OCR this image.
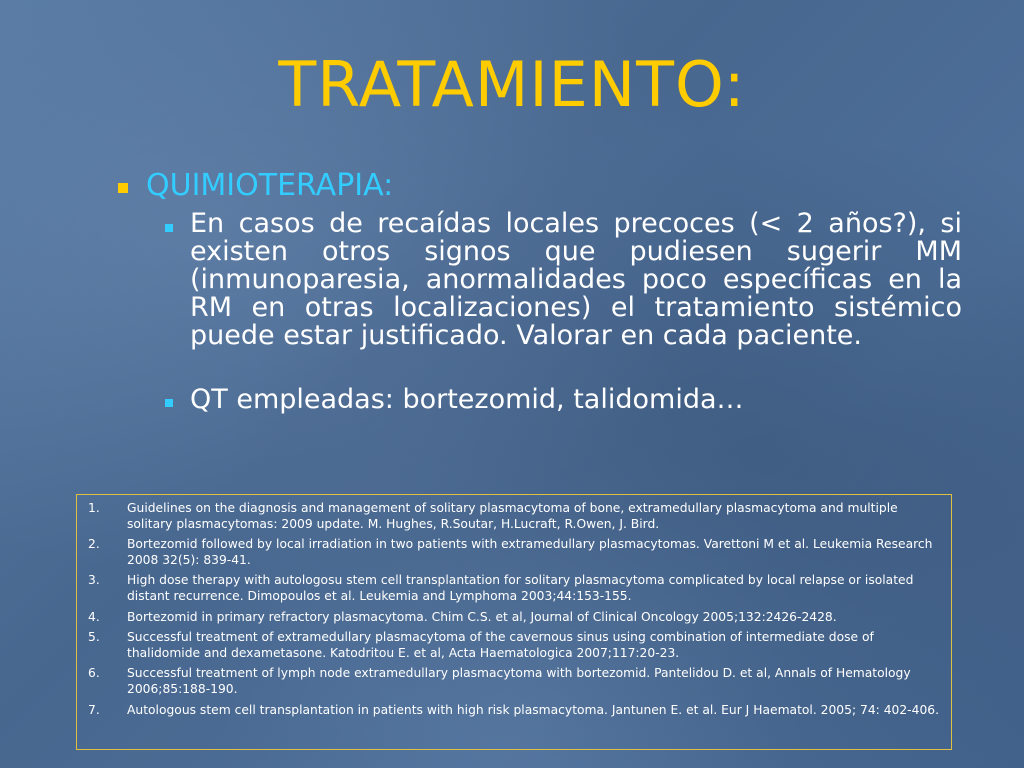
TRATAMIENTO:
QUIMIOTERAPIA:

En casos de recaídas locales precoces (< 2 años?), si existen otros signos que pudiesen sugerir MM (inmunoparesia, anormalidades poco específicas en la RM en otras localizaciones) el tratamiento sistémico puede estar justificado. Valorar en cada paciente.

QT empleadas: bortezomid, talidomida…

1. Guidelines on the diagnosis and management of solitary plasmacytoma of bone, extramedullary plasmacytoma and multiple solitary plasmacytomas: 2009 update. M. Hughes, R.Soutar, H.Lucraft, R.Owen, J. Bird.
2. Bortezomid followed by local irradiation in two patients with extramedullary plasmacytomas. Varettoni M et al. Leukemia Research 2008 32(5): 839-41.
3. High dose therapy with autologosu stem cell transplantation for solitary plasmacytoma complicated by local relapse or isolated distant recurrence. Dimopoulos et al. Leukemia and Lymphoma 2003;44:153-155.
4. Bortezomid in primary refractory plasmacytoma. Chim C.S. et al, Journal of Clinical Oncology 2005;132:2426-2428.
5. Successful treatment of extramedullary plasmacytoma of the cavernous sinus using combination of intermediate dose of thalidomide and dexametasone. Katodritou E. et al, Acta Haematologica 2007;117:20-23.
6. Successful treatment of lymph node extramedullary plasmacytoma with bortezomid. Pantelidou D. et al, Annals of Hematology 2006;85:188-190.
7. Autologous stem cell transplantation in patients with high risk plasmacytoma. Jantunen E. et al. Eur J Haematol. 2005; 74: 402-406.
